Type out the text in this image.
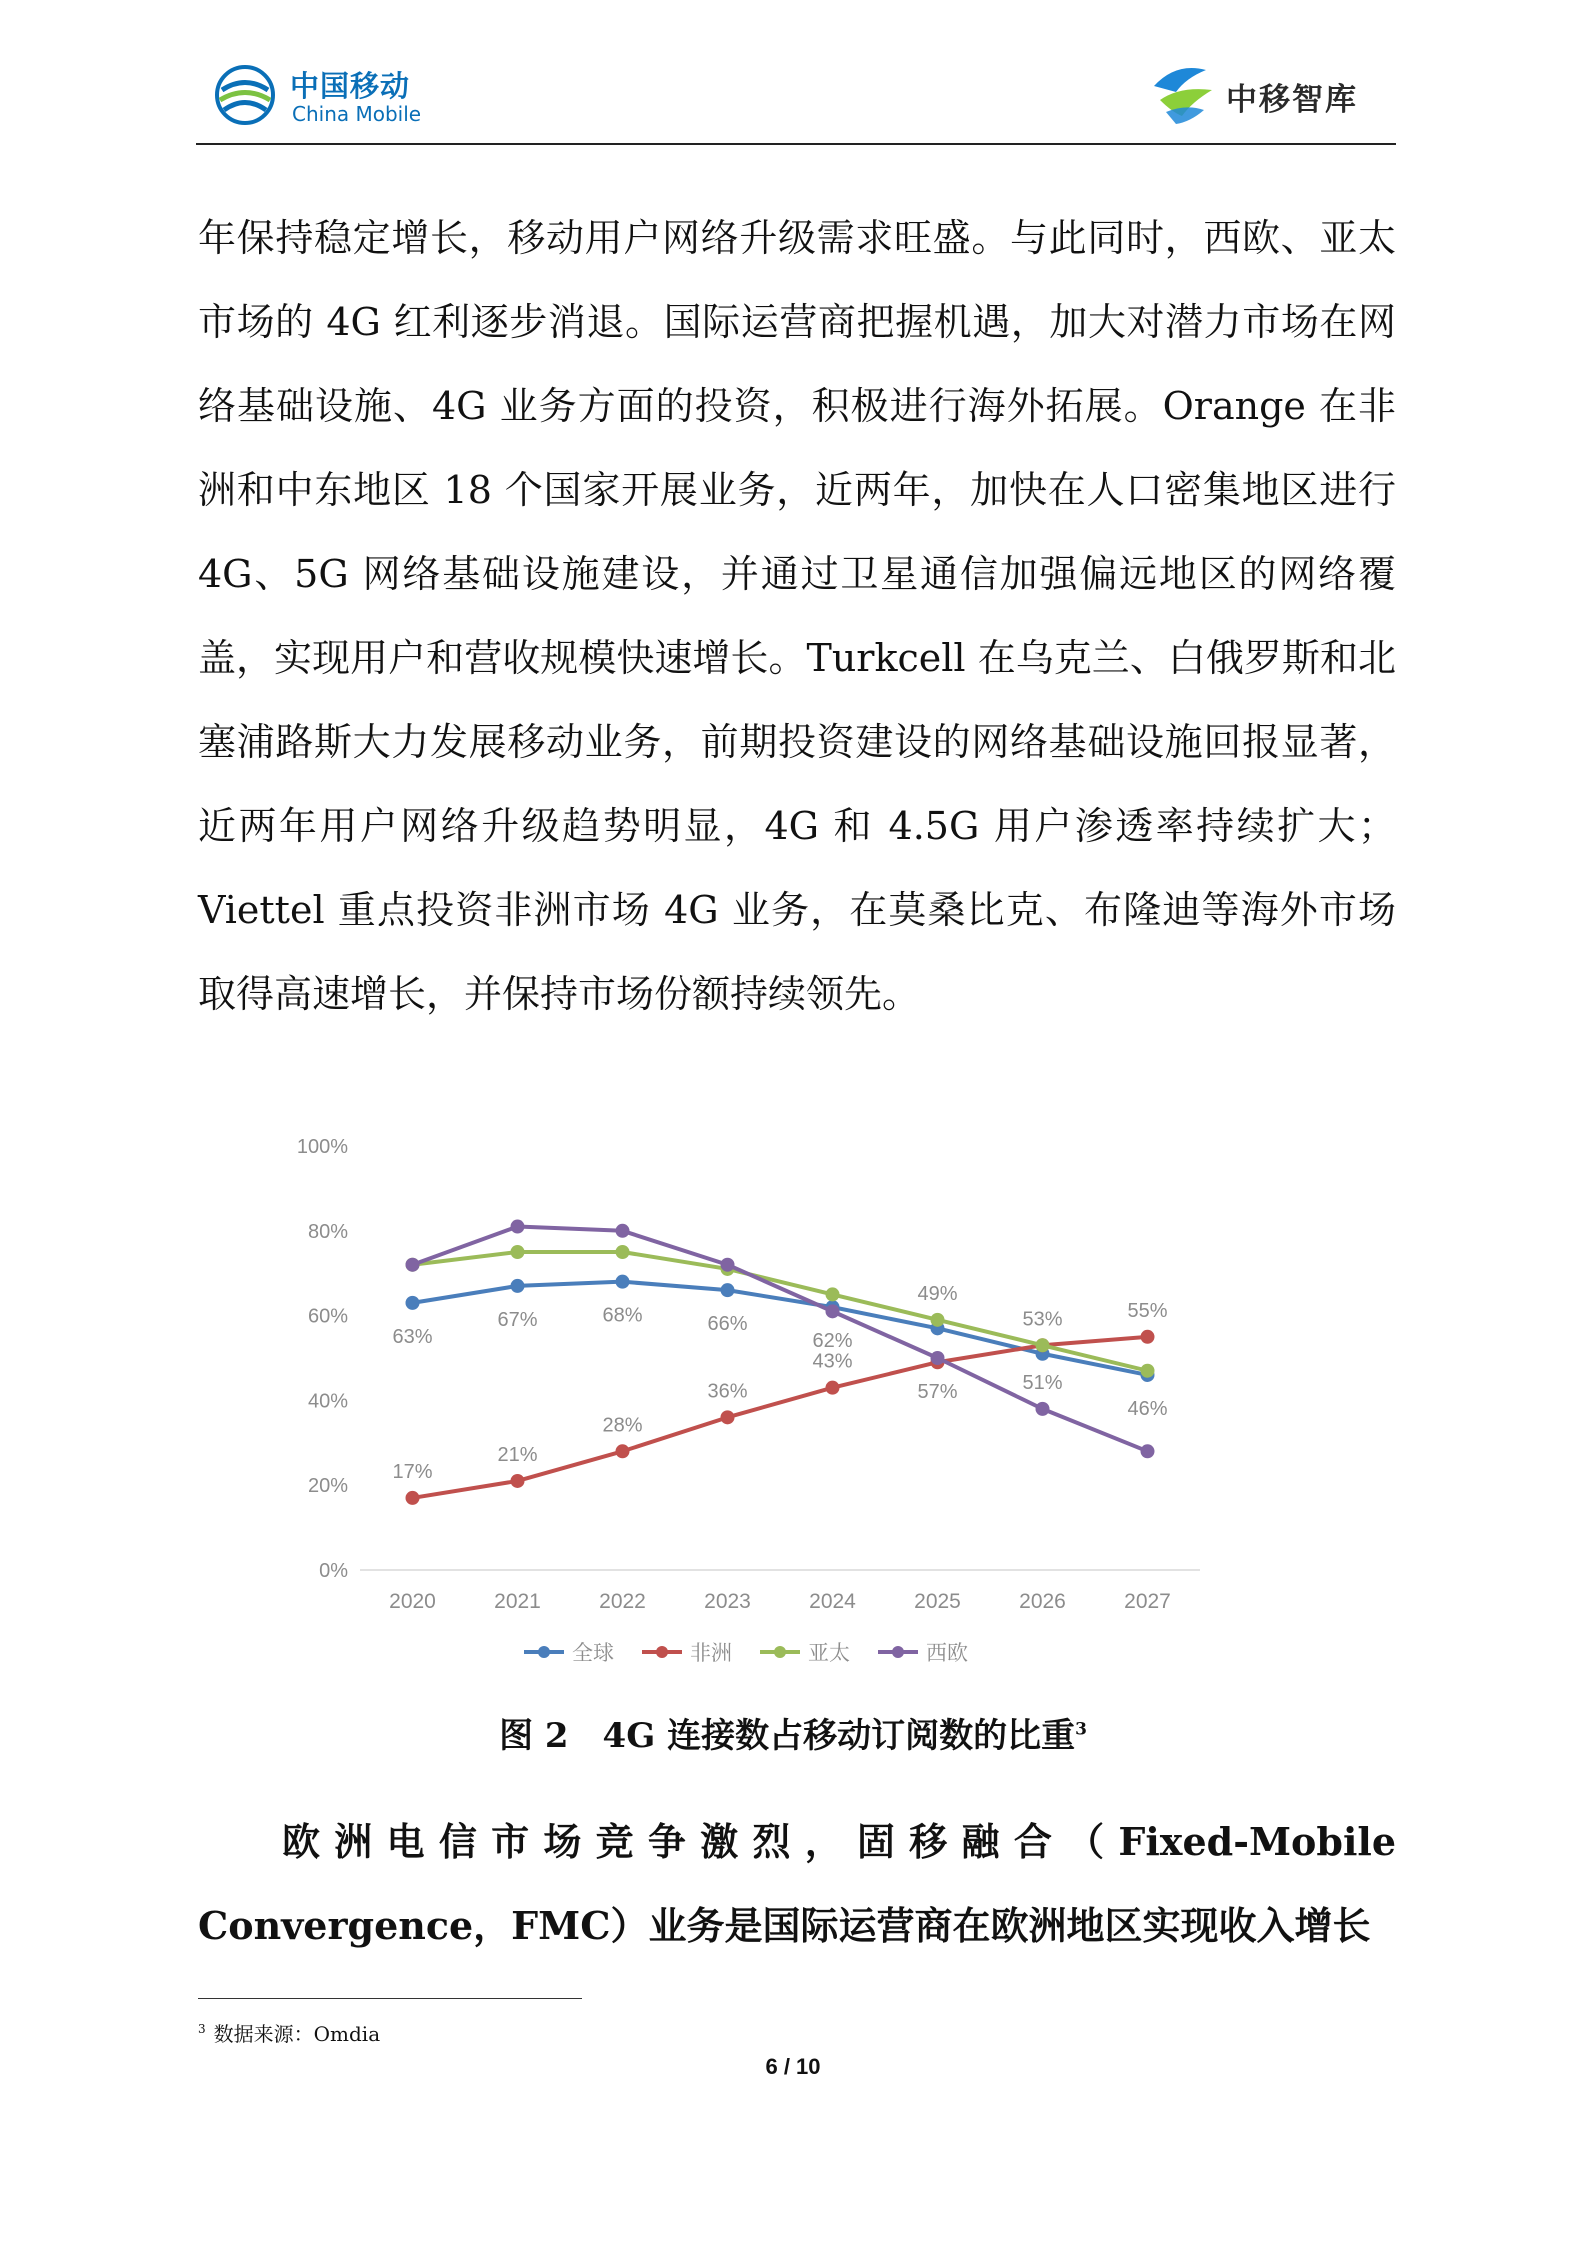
中国移动
China Mobile	中移智库

年保持稳定增长，移动用户网络升级需求旺盛。与此同时，西欧、亚太市场的 4G 红利逐步消退。国际运营商把握机遇，加大对潜力市场在网络基础设施、4G 业务方面的投资，积极进行海外拓展。Orange 在非洲和中东地区 18 个国家开展业务，近两年，加快在人口密集地区进行 4G、5G 网络基础设施建设，并通过卫星通信加强偏远地区的网络覆盖，实现用户和营收规模快速增长。Turkcell 在乌克兰、白俄罗斯和北塞浦路斯大力发展移动业务，前期投资建设的网络基础设施回报显著，近两年用户网络升级趋势明显，4G 和 4.5G 用户渗透率持续扩大；Viettel 重点投资非洲市场 4G 业务，在莫桑比克、布隆迪等海外市场取得高速增长，并保持市场份额持续领先。

0%
20%
40%
60%
80%
100%
2020	2021	2022	2023	2024	2025	2026	2027
63%
67%	68%	66%
62%
46%
17%
21%
28%
36%
43%
53%	55%
49%
57%	51%
全球	非洲	亚太	西欧
图 2　4G 连接数占移动订阅数的比重$^3$

欧洲电信市场竞争激烈，固移融合（Fixed-Mobile Convergence，FMC）业务是国际运营商在欧洲地区实现收入增长

$^3$ 数据来源：Omdia
6 / 10
